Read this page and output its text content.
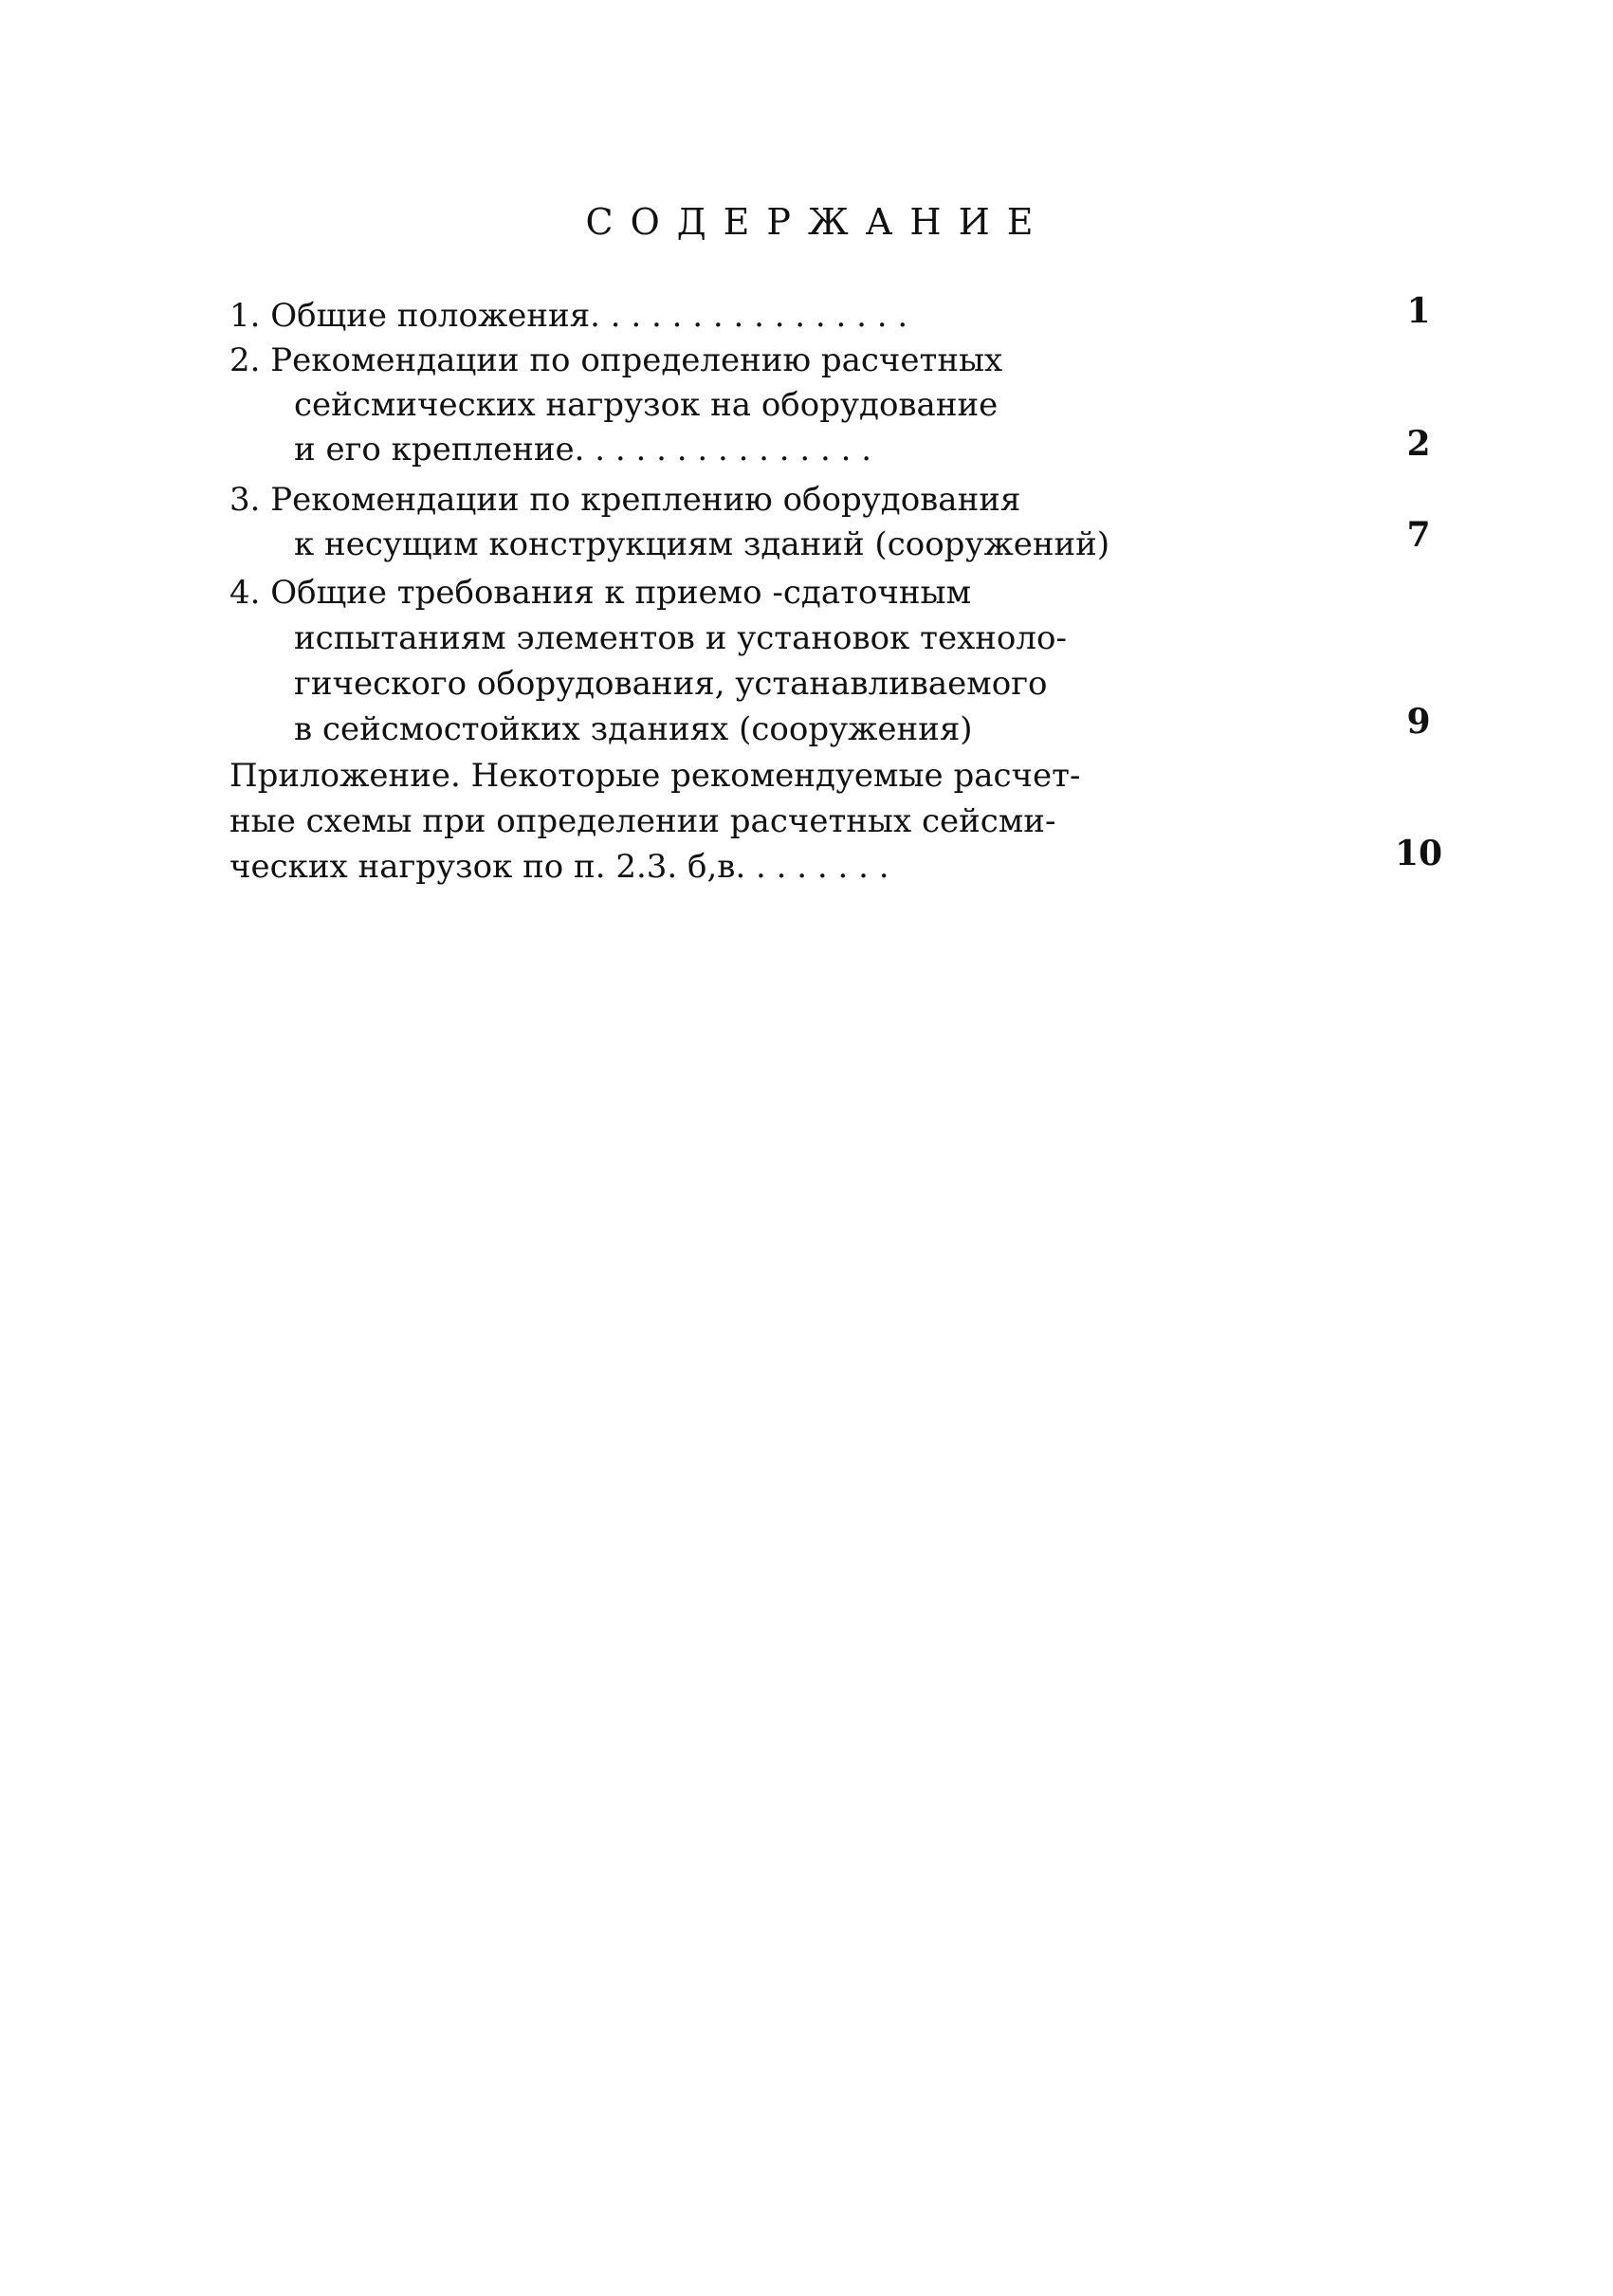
СОДЕРЖАНИЕ
1. Общие положения. . . . . . . . . . . . . . . .	1
2. Рекомендации по определению расчетных
сейсмических нагрузок на оборудование
и его крепление. . . . . . . . . . . . . . .	2
3. Рекомендации по креплению оборудования
к несущим конструкциям зданий (сооружений)	7
4. Общие требования к приемо -сдаточным
испытаниям элементов и установок техноло-
гического оборудования, устанавливаемого
в сейсмостойких зданиях (сооружения)	9
Приложение. Некоторые рекомендуемые расчет-
ные схемы при определении расчетных сейсми-
ческих нагрузок по п. 2.3. б,в. . . . . . . .	10
